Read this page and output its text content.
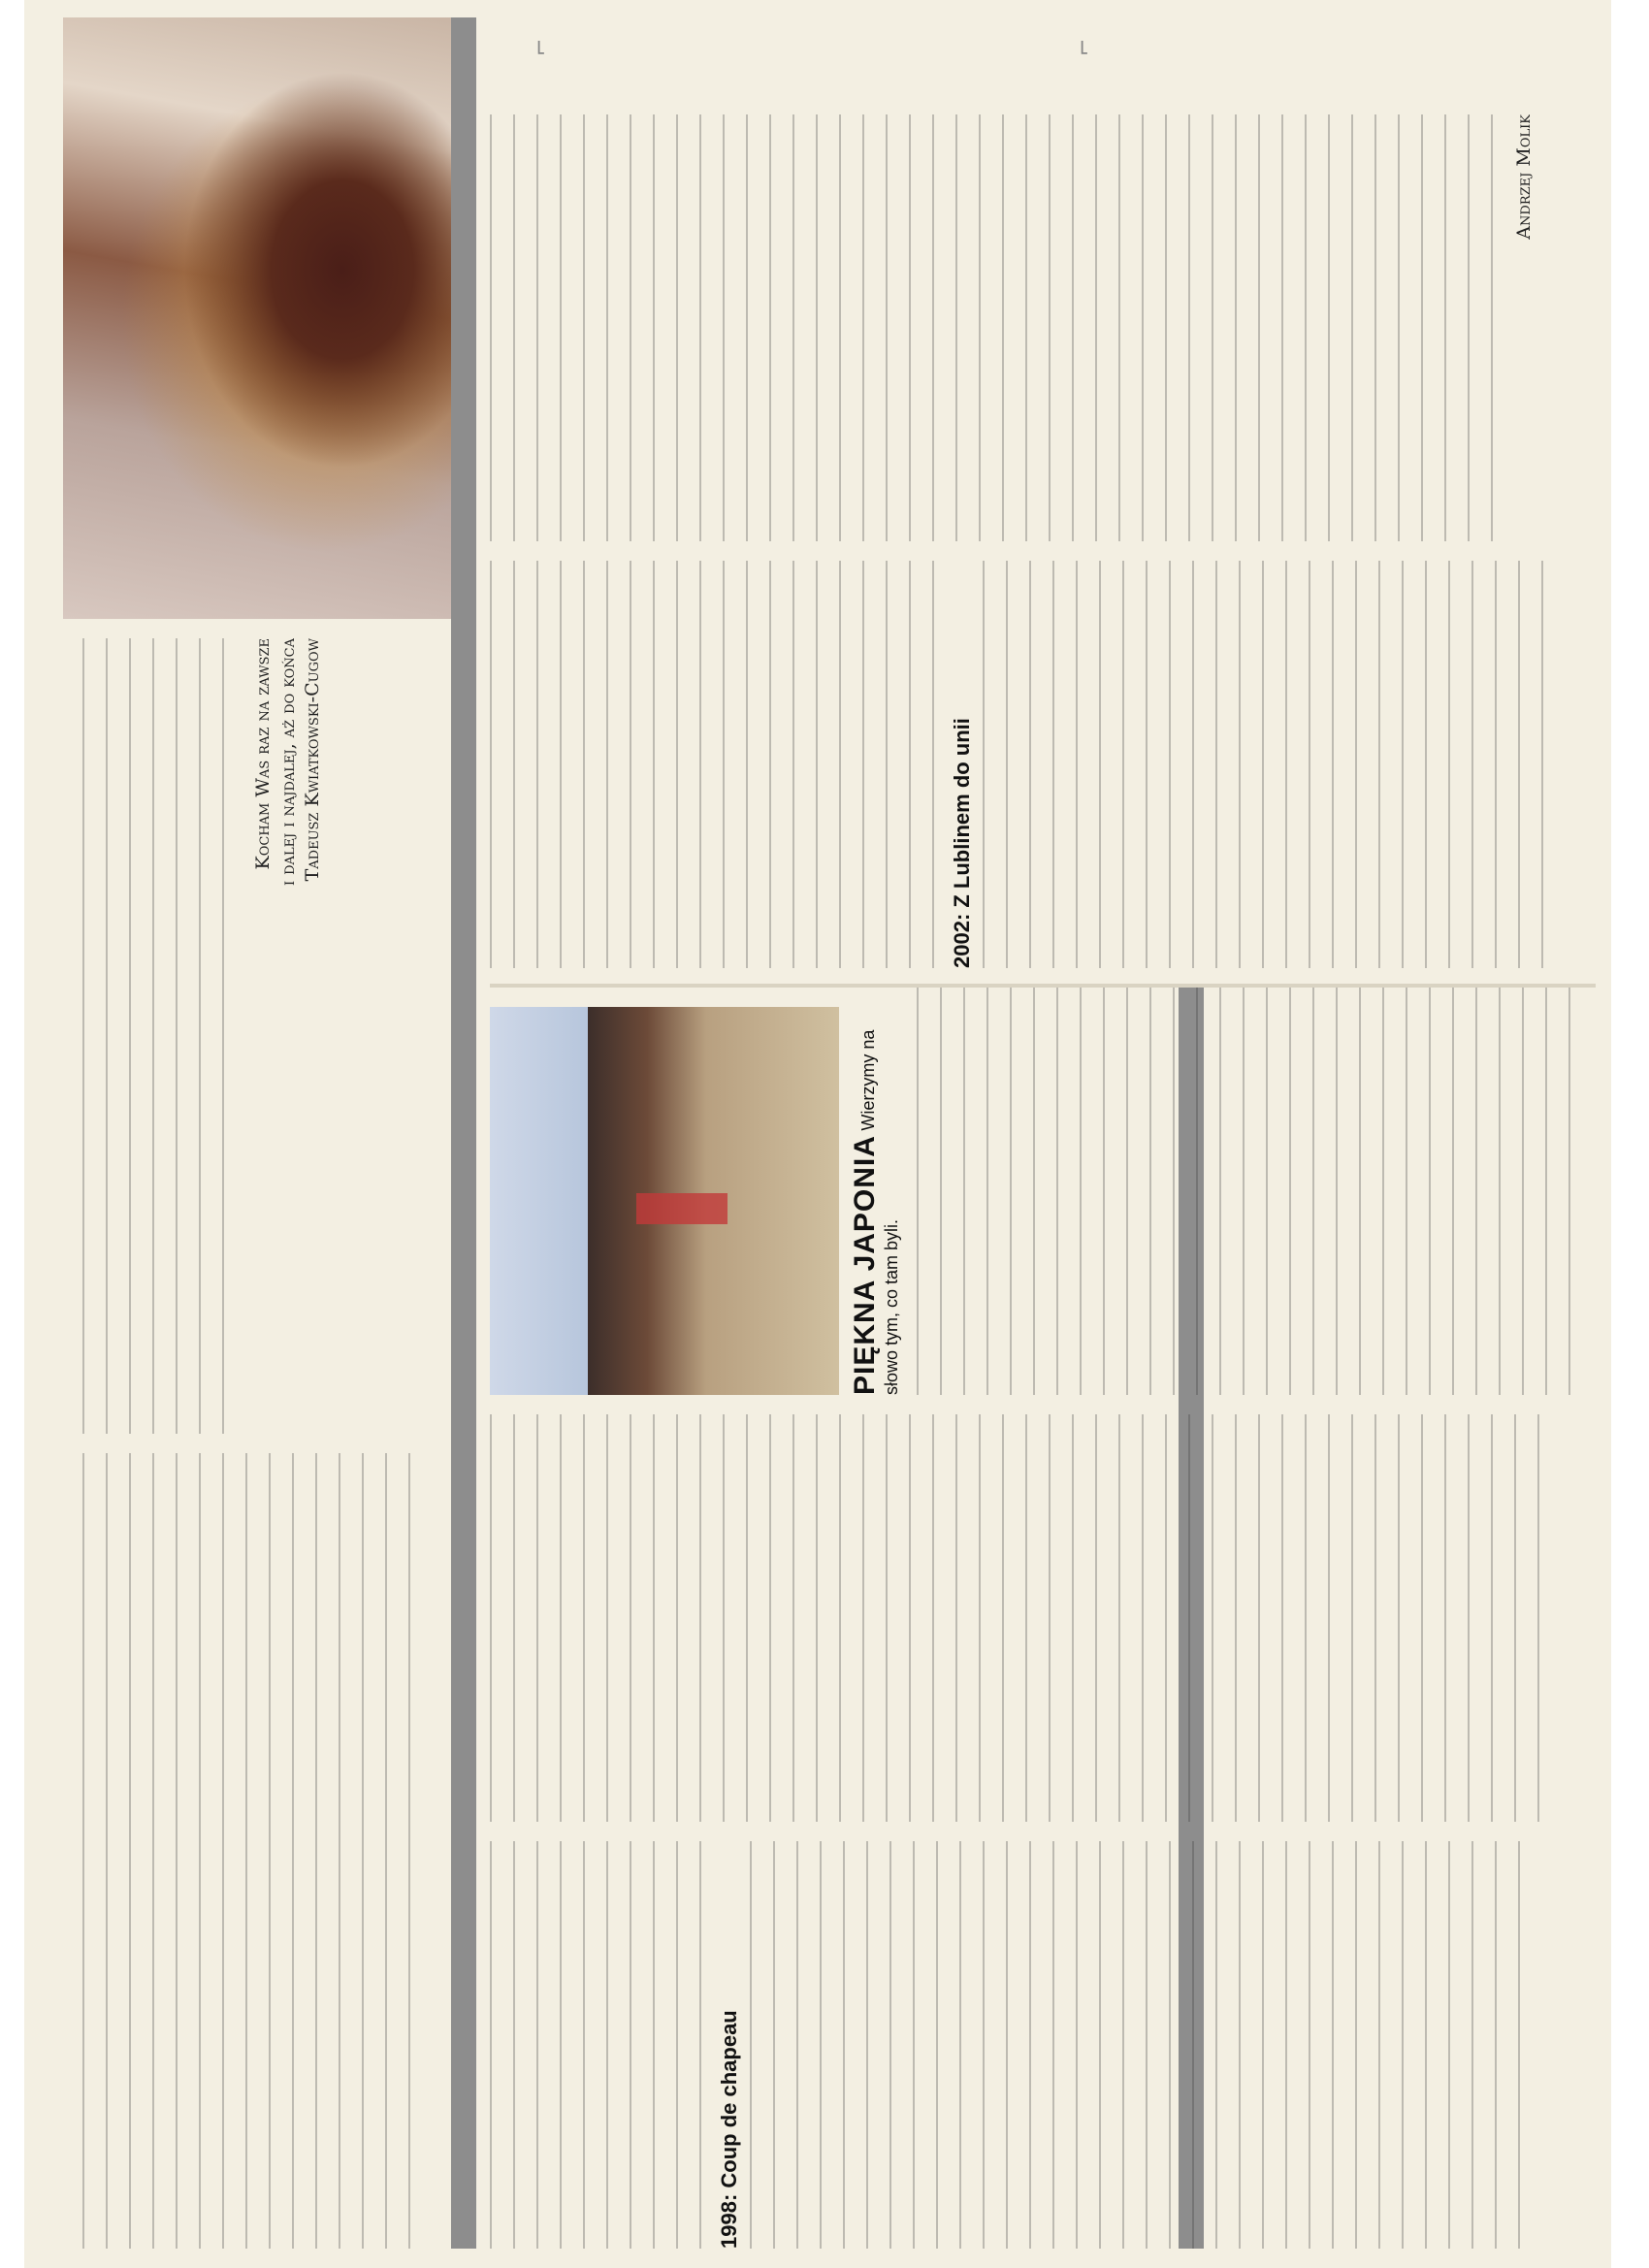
Kocham Was raz na zawsze i dalej i najdalej, aż do końca Tadeusz Kwiatkowski-Cugow
1998: Coup de chapeau
PIĘKNA JAPONIA Wierzymy na słowo tym, co tam byli.
2002: Z Lublinem do unii
Andrzej Molik
⌐	⌐
